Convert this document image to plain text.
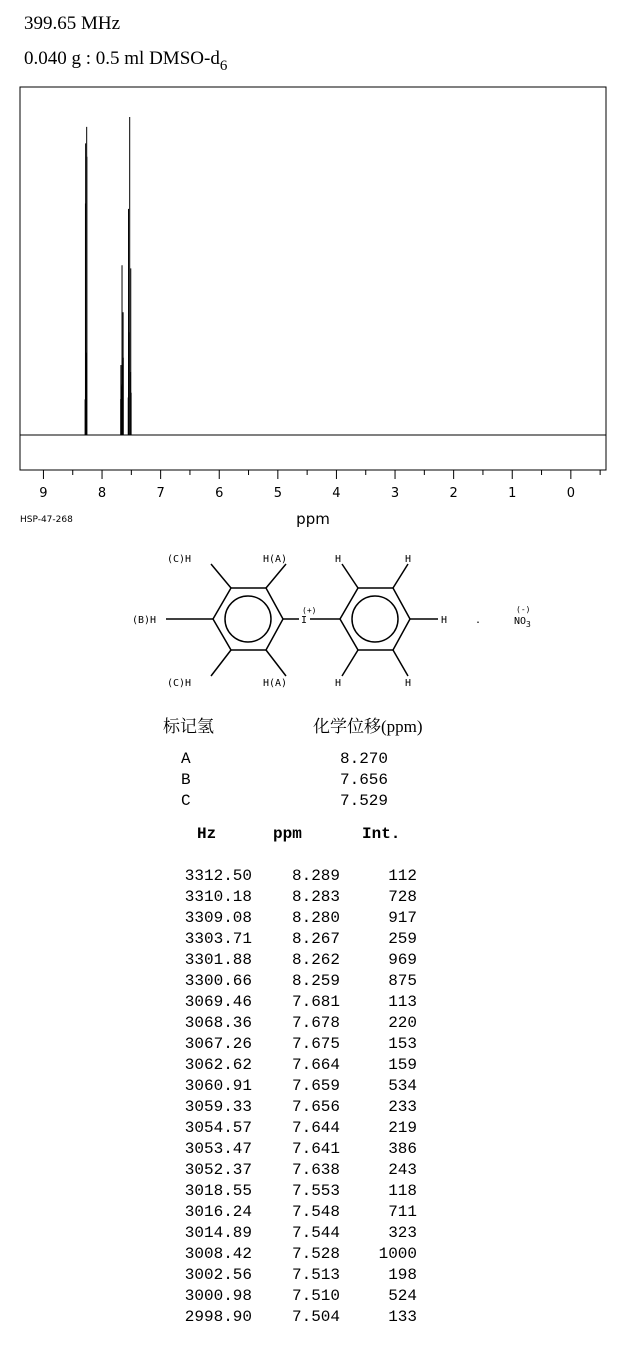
399.65 MHz
0.040 g : 0.5 ml DMSO-$d_6$
9	8	7	6	5	4	3	2	1	0
ppm
HSP-47-268
(C)H	H(A)
(B)H
(C)H	H(A)
I
(+)
H	H
H
H	H
.
(-)
$NO_3$
标记氢	化学位移(ppm)
A	8.270
B	7.656
C	7.529
Hz	ppm	Int.
3312.50 8.289	112
3310.18 8.283	728
3309.08 8.280	917
3303.71 8.267	259
3301.88 8.262	969
3300.66 8.259	875
3069.46 7.681	113
3068.36 7.678	220
3067.26 7.675	153
3062.62 7.664	159
3060.91 7.659	534
3059.33 7.656	233
3054.57 7.644	219
3053.47 7.641	386
3052.37 7.638	243
3018.55 7.553	118
3016.24 7.548	711
3014.89 7.544	323
3008.42 7.528 1000
3002.56 7.513	198
3000.98 7.510	524
2998.90 7.504	133
